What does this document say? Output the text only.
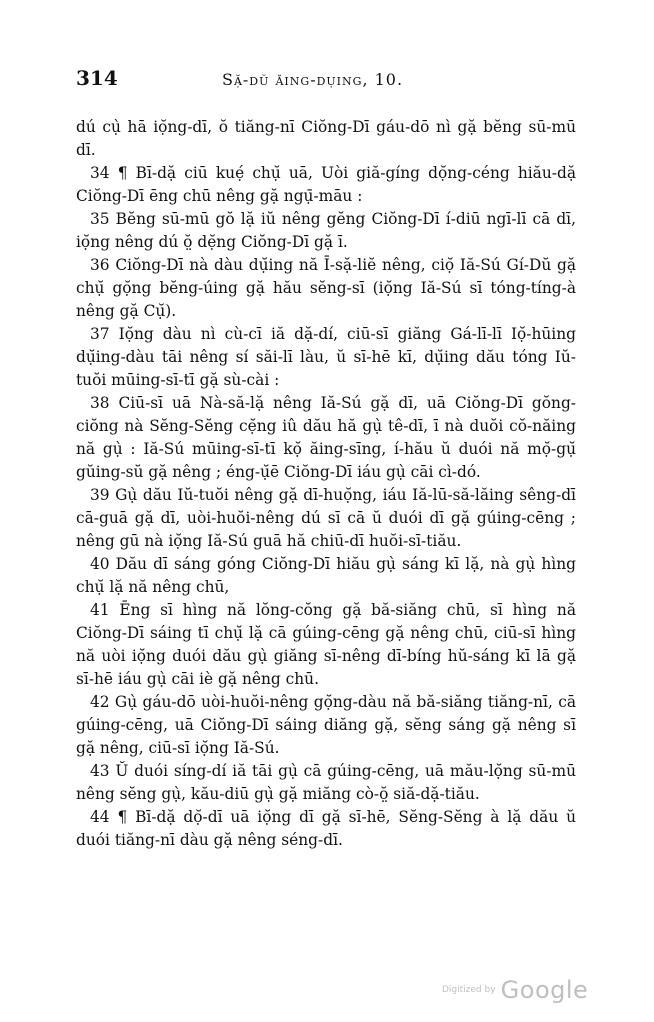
314	Sặ-dǔ ăing-dụing, 10.

dú cụ̀ hā iọ̆ng-dī, ŏ tiăng-nī Ciŏng-Dī gáu-dō nì gặ bĕng sū-mū dī.

34 ¶ Bī-dặ ciū kuẹ́ chụ̆ uā, Uòi giă-gíng dọ̆ng-céng hiău-dặ Ciŏng-Dī ēng chū nêng gặ ngụ̄-māu :

35 Bĕng sū-mū gŏ lặ iŭ nêng gĕng Ciŏng-Dī í-diū ngī-lī cā dī, iọ̆ng nêng dú ŏ̤ dẹ̆ng Ciŏng-Dī gặ ī.

36 Ciŏng-Dī nà dàu dụ̆ing nă Ī-sặ-liĕ nêng, ciọ̆ Iă-Sú Gí-Dŭ gặ chụ̆ gọ̆ng bĕng-úing gặ hău sĕng-sī (iọ̆ng Iă-Sú sī tóng-tíng-à nêng gặ Cụ̆).

37 Iọ̆ng dàu nì cù-cī iă dặ-dí, ciū-sī giăng Gá-lī-lī Iọ̆-hūing dụ̆ing-dàu tāi nêng sí săi-lī làu, ŭ sī-hē kī, dụ̆ing dău tóng Iŭ-tuŏi mūing-sī-tī gặ sù-cài :

38 Ciū-sī uā Nà-să-lặ nêng Iă-Sú gặ dī, uā Ciŏng-Dī gŏng-ciŏng nà Sĕng-Sĕng cẹ̆ng iû dău hă gụ̀ tê-dī, ī nà duŏi cŏ-năing nă gụ̀ : Iă-Sú mūing-sī-tī kọ̆ ăing-sīng, í-hău ŭ duói nă mọ̆-gụ̆ gŭing-sŭ gặ nêng ; éng-ụ̆ē Ciŏng-Dī iáu gụ̀ cāi cì-dó.

39 Gụ̀ dău Iŭ-tuŏi nêng gặ dī-huọ̆ng, iáu Iă-lū-să-lăing sêng-dī cā-guā gặ dī, uòi-huŏi-nêng dú sī cā ŭ duói dī gặ gúing-cēng ; nêng gū nà iọ̆ng Iă-Sú guā hă chiū-dī huŏi-sī-tiău.

40 Dău dī sáng góng Ciŏng-Dī hiău gụ̀ sáng kī lặ, nà gụ̀ hìng chụ̆ lặ nă nêng chū,

41 Ēng sī hìng nă lŏng-cŏng gặ bă-siăng chū, sī hìng nă Ciŏng-Dī sáing tī chụ̆ lặ cā gúing-cēng gặ nêng chū, ciū-sī hìng nă uòi iọ̆ng duói dău gụ̀ giăng sī-nêng dī-bíng hŭ-sáng kī lā gặ sī-hē iáu gụ̀ cāi iè gặ nêng chū.

42 Gụ̀ gáu-dō uòi-huŏi-nêng gọ̆ng-dàu nă bă-siăng tiăng-nī, cā gúing-cēng, uā Ciŏng-Dī sáing diăng gặ, sĕng sáng gặ nêng sī gặ nêng, ciū-sī iọ̆ng Iă-Sú.

43 Ŭ duói síng-dí iă tāi gụ̀ cā gúing-cēng, uā mău-lọ̆ng sū-mū nêng sĕng gụ̀, kău-diū gụ̀ gặ miăng cò-ŏ̤ siă-dặ-tiău.

44 ¶ Bī-dặ dọ̆-dī uā iọ̆ng dī gặ sī-hē, Sĕng-Sĕng à lặ dău ŭ duói tiăng-nī dàu gặ nêng séng-dī.

Digitized by Google
